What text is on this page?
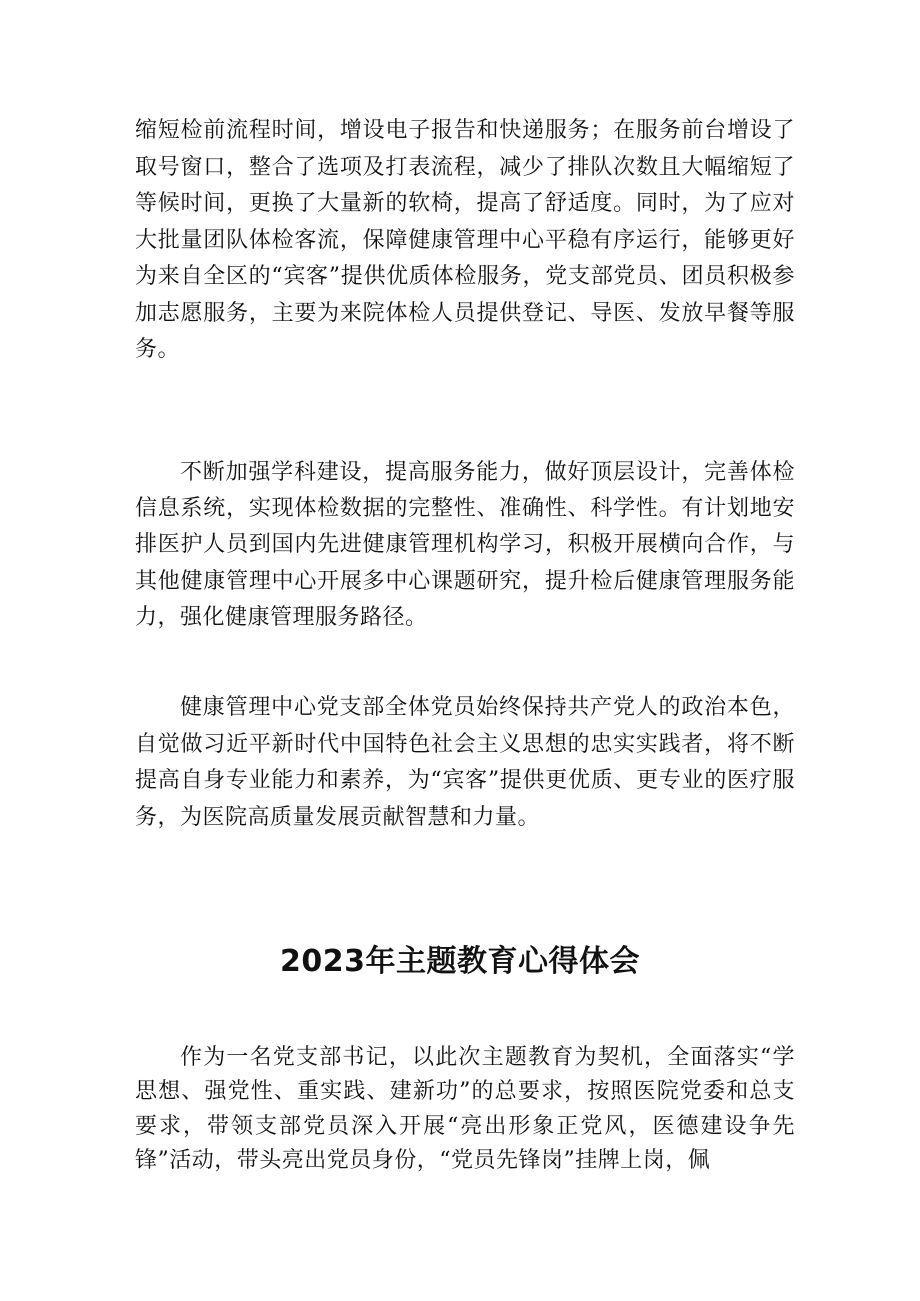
缩短检前流程时间，增设电子报告和快递服务；在服务前台增设了取号窗口，整合了选项及打表流程，减少了排队次数且大幅缩短了等候时间，更换了大量新的软椅，提高了舒适度。同时，为了应对大批量团队体检客流，保障健康管理中心平稳有序运行，能够更好为来自全区的“宾客”提供优质体检服务，党支部党员、团员积极参加志愿服务，主要为来院体检人员提供登记、导医、发放早餐等服务。

不断加强学科建设，提高服务能力，做好顶层设计，完善体检信息系统，实现体检数据的完整性、准确性、科学性。有计划地安排医护人员到国内先进健康管理机构学习，积极开展横向合作，与其他健康管理中心开展多中心课题研究，提升检后健康管理服务能力，强化健康管理服务路径。

健康管理中心党支部全体党员始终保持共产党人的政治本色，自觉做习近平新时代中国特色社会主义思想的忠实实践者，将不断提高自身专业能力和素养，为“宾客”提供更优质、更专业的医疗服务，为医院高质量发展贡献智慧和力量。

2023年主题教育心得体会

作为一名党支部书记，以此次主题教育为契机，全面落实“学思想、强党性、重实践、建新功”的总要求，按照医院党委和总支要求，带领支部党员深入开展“亮出形象正党风，医德建设争先锋”活动，带头亮出党员身份，“党员先锋岗”挂牌上岗，佩
